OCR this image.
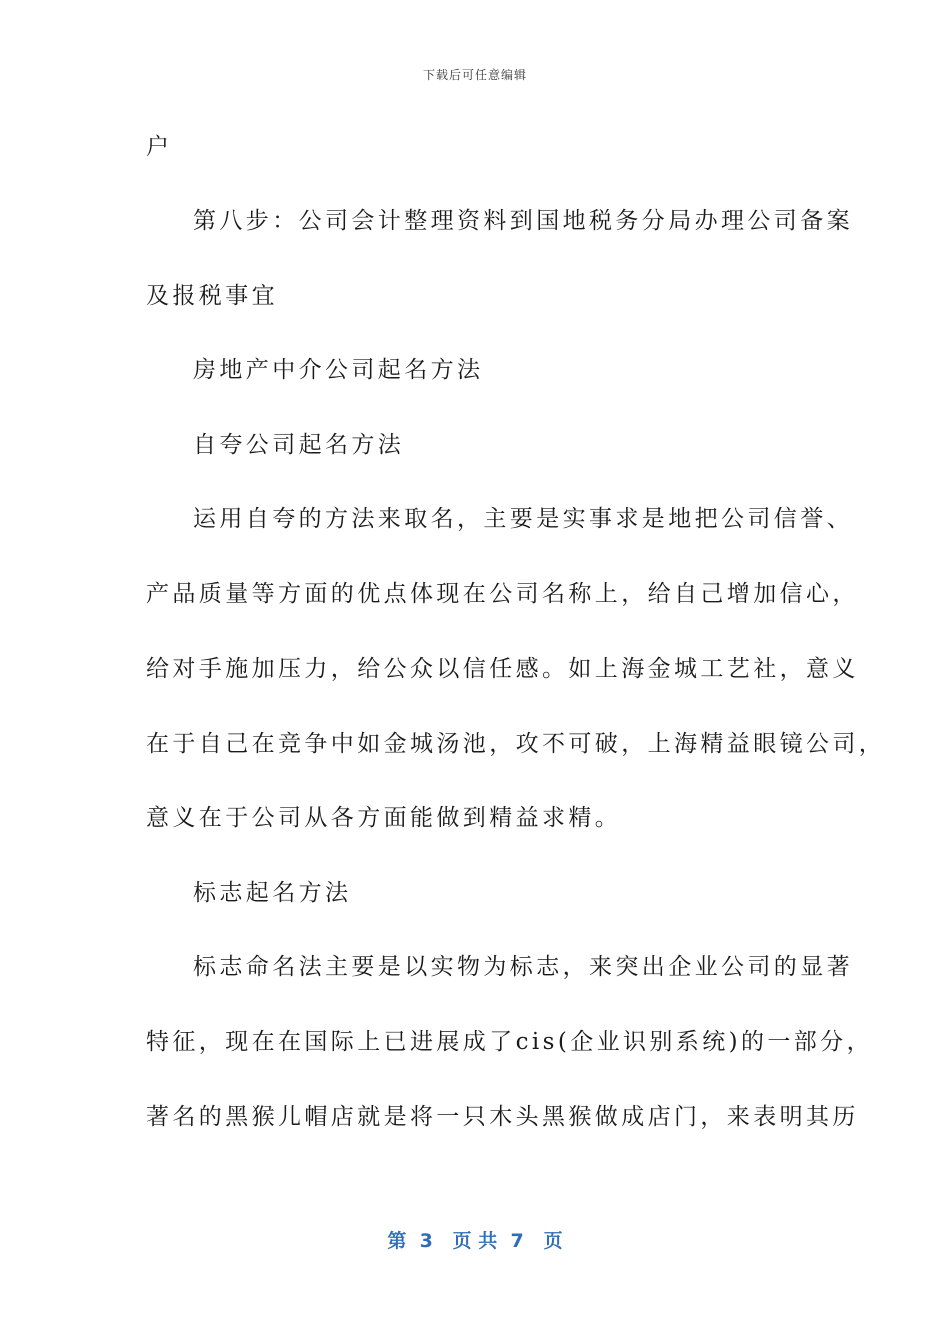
下载后可任意编辑
户
第八步：公司会计整理资料到国地税务分局办理公司备案
及报税事宜
房地产中介公司起名方法
自夸公司起名方法
运用自夸的方法来取名，主要是实事求是地把公司信誉、
产品质量等方面的优点体现在公司名称上，给自己增加信心，
给对手施加压力，给公众以信任感。如上海金城工艺社，意义
在于自己在竞争中如金城汤池，攻不可破，上海精益眼镜公司，
意义在于公司从各方面能做到精益求精。
标志起名方法
标志命名法主要是以实物为标志，来突出企业公司的显著
特征，现在在国际上已进展成了cis(企业识别系统)的一部分，
著名的黑猴儿帽店就是将一只木头黑猴做成店门，来表明其历
第  3   页 共  7   页
